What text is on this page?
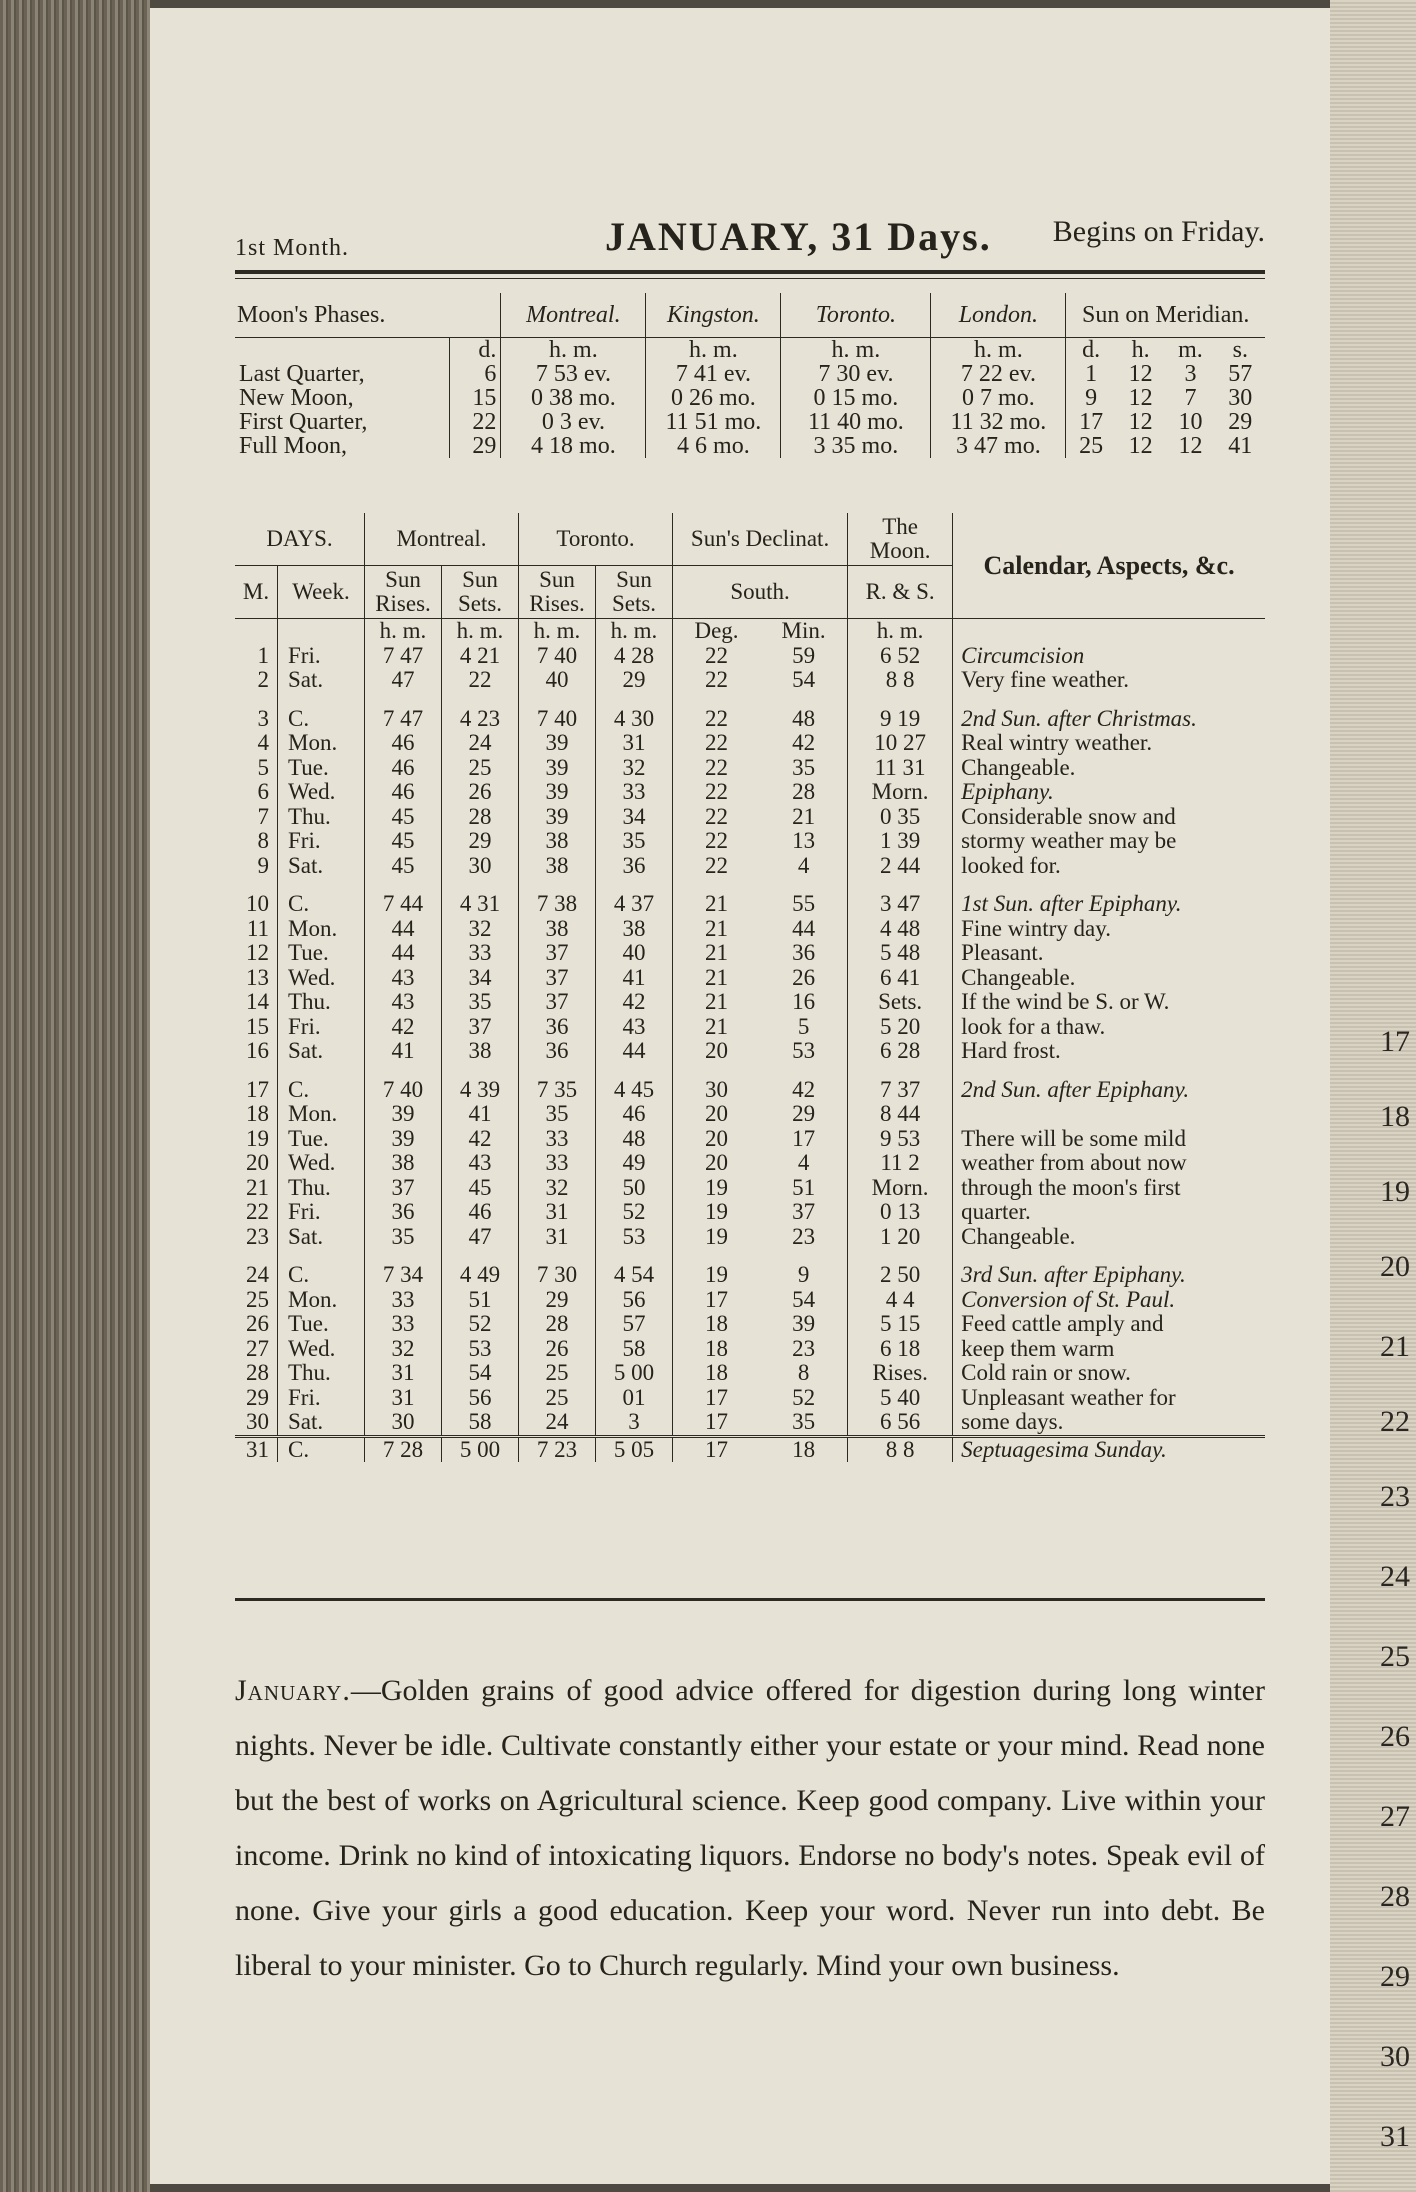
1st Month.	JANUARY, 31 Days. Begins on Friday.
Moon's Phases.		Montreal.	Kingston.	Toronto.	London.	Sun on Meridian.			
	d.	h. m.	h. m.	h. m.	h. m.	d.	h.	m.	s.
Last Quarter,	6	7 53 ev.	7 41 ev.	7 30 ev.	7 22 ev.	1	12	3	57
New Moon,	15	0 38 mo.	0 26 mo.	0 15 mo.	0 7 mo.	9	12	7	30
First Quarter,	22	0 3 ev.	11 51 mo.	11 40 mo.	11 32 mo.	17	12	10	29
Full Moon,	29	4 18 mo.	4 6 mo.	3 35 mo.	3 47 mo.	25	12	12	41
DAYS.		Montreal.		Toronto.		Sun's Declinat.		The Moon.	Calendar, Aspects, &c.
M.	Week.	Sun Rises.	Sun Sets.	Sun Rises.	Sun Sets.	South.		R. & S.	
		h. m.	h. m.	h. m.	h. m.	Deg.	Min.	h. m.	
1	Fri.	7 47	4 21	7 40	4 28	22	59	6 52	Circumcision
2	Sat.	47	22	40	29	22	54	8 8	Very fine weather.

3	C.	7 47	4 23	7 40	4 30	22	48	9 19	2nd Sun. after Christmas.
4	Mon.	46	24	39	31	22	42	10 27	Real wintry weather.
5	Tue.	46	25	39	32	22	35	11 31	Changeable.
6	Wed.	46	26	39	33	22	28	Morn.	Epiphany.
7	Thu.	45	28	39	34	22	21	0 35	Considerable snow and
8	Fri.	45	29	38	35	22	13	1 39	stormy weather may be
9	Sat.	45	30	38	36	22	4	2 44	looked for.

10	C.	7 44	4 31	7 38	4 37	21	55	3 47	1st Sun. after Epiphany.
11	Mon.	44	32	38	38	21	44	4 48	Fine wintry day.
12	Tue.	44	33	37	40	21	36	5 48	Pleasant.
13	Wed.	43	34	37	41	21	26	6 41	Changeable.
14	Thu.	43	35	37	42	21	16	Sets.	If the wind be S. or W.
15	Fri.	42	37	36	43	21	5	5 20	look for a thaw.
16	Sat.	41	38	36	44	20	53	6 28	Hard frost.

17	C.	7 40	4 39	7 35	4 45	30	42	7 37	2nd Sun. after Epiphany.
18	Mon.	39	41	35	46	20	29	8 44	
19	Tue.	39	42	33	48	20	17	9 53	There will be some mild
20	Wed.	38	43	33	49	20	4	11 2	weather from about now
21	Thu.	37	45	32	50	19	51	Morn.	through the moon's first
22	Fri.	36	46	31	52	19	37	0 13	quarter.
23	Sat.	35	47	31	53	19	23	1 20	Changeable.

24	C.	7 34	4 49	7 30	4 54	19	9	2 50	3rd Sun. after Epiphany.
25	Mon.	33	51	29	56	17	54	4 4	Conversion of St. Paul.
26	Tue.	33	52	28	57	18	39	5 15	Feed cattle amply and
27	Wed.	32	53	26	58	18	23	6 18	keep them warm
28	Thu.	31	54	25	5 00	18	8	Rises.	Cold rain or snow.
29	Fri.	31	56	25	01	17	52	5 40	Unpleasant weather for
30	Sat.	30	58	24	3	17	35	6 56	some days.
31	C.	7 28	5 00	7 23	5 05	17	18	8 8	Septuagesima Sunday.

January.—Golden grains of good advice offered for digestion during long winter nights. Never be idle. Cultivate constantly either your estate or your mind. Read none but the best of works on Agricultural science. Keep good company. Live within your income. Drink no kind of intoxicating liquors. Endorse no body's notes. Speak evil of none. Give your girls a good education. Keep your word. Never run into debt. Be liberal to your minister. Go to Church regularly. Mind your own business.

17
18
19
20
21
22
23
24
25
26
27
28
29
30
31
